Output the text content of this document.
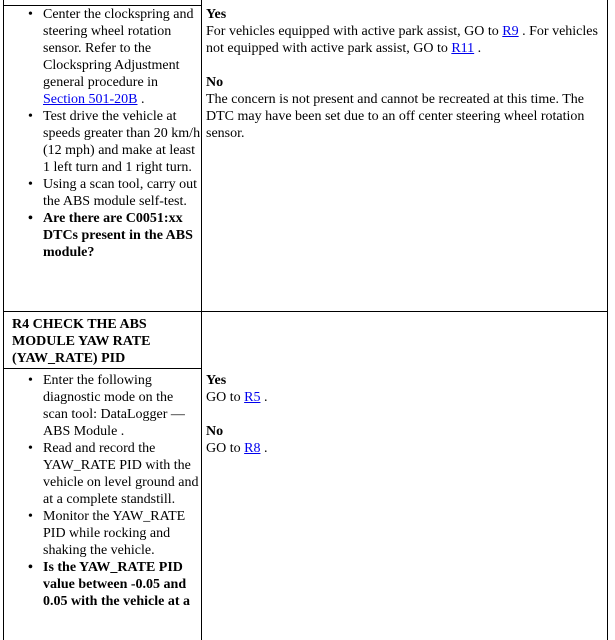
• Center the clockspring and steering wheel rotation sensor. Refer to the Clockspring Adjustment general procedure in Section 501-20B .
• Test drive the vehicle at speeds greater than 20 km/h (12 mph) and make at least 1 left turn and 1 right turn.
• Using a scan tool, carry out the ABS module self-test.
• Are there are C0051:xx DTCs present in the ABS module?

Yes

For vehicles equipped with active park assist, GO to R9 . For vehicles not equipped with active park assist, GO to R11 .

No

The concern is not present and cannot be recreated at this time. The DTC may have been set due to an off center steering wheel rotation sensor.

R4 CHECK THE ABS MODULE YAW RATE (YAW_RATE) PID
• Enter the following diagnostic mode on the scan tool: DataLogger — ABS Module .
• Read and record the YAW_RATE PID with the vehicle on level ground and at a complete standstill.
• Monitor the YAW_RATE PID while rocking and shaking the vehicle.
• Is the YAW_RATE PID value between -0.05 and 0.05 with the vehicle at a

Yes

GO to R5 .

No

GO to R8 .
